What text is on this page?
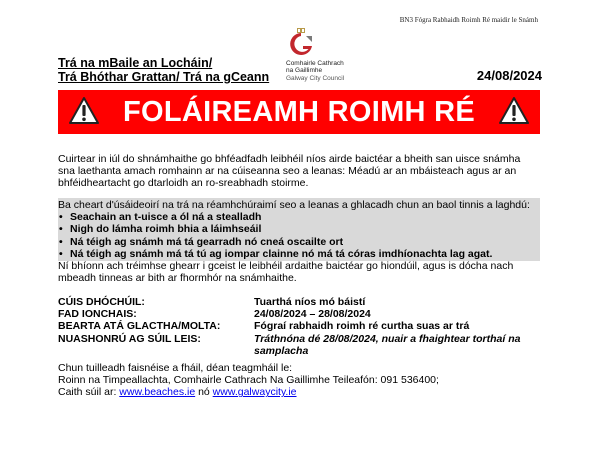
BN3 Fógra Rabhaidh Roimh Ré maidir le Snámh
Trá na mBaile an Locháin/
Trá Bhóthar Grattan/ Trá na gCeann
Comhairle Cathrach
na Gaillimhe
Galway City Council	24/08/2024
FOLÁIREAMH ROIMH RÉ
Cuirtear in iúl do shnámhaithe go bhféadfadh leibhéil níos airde baictéar a bheith san uisce snámha sna laethanta amach romhainn ar na cúiseanna seo a leanas: Méadú ar an mbáisteach agus ar an bhféidheartacht go dtarloidh an ro-sreabhadh stoirme.
Ba cheart d'úsáideoirí na trá na réamhchúraimí seo a leanas a ghlacadh chun an baol tinnis a laghdú:
• Seachain an t-uisce a ól ná a stealladh
• Nigh do lámha roimh bhia a láimhseáil
• Ná téigh ag snámh má tá gearradh nó cneá oscailte ort
• Ná téigh ag snámh má tá tú ag iompar clainne nó má tá córas imdhíonachta lag agat.
Ní bhíonn ach tréimhse ghearr i gceist le leibhéil ardaithe baictéar go hiondúil, agus is dócha nach mbeadh tinneas ar bith ar fhormhór na snámhaithe.
CÚIS DHÓCHÚIL:	Tuarthá níos mó báistí
FAD IONCHAIS:	24/08/2024 – 28/08/2024
BEARTA ATÁ GLACTHA/MOLTA:	Fógraí rabhaidh roimh ré curtha suas ar trá
NUASHONRÚ AG SÚIL LEIS:	Tráthnóna dé 28/08/2024, nuair a fhaightear torthaí na samplacha
Chun tuilleadh faisnéise a fháil, déan teagmháil le:
Roinn na Timpeallachta, Comhairle Cathrach Na Gaillimhe Teileafón: 091 536400;
Caith súil ar: www.beaches.ie nó www.galwaycity.ie
